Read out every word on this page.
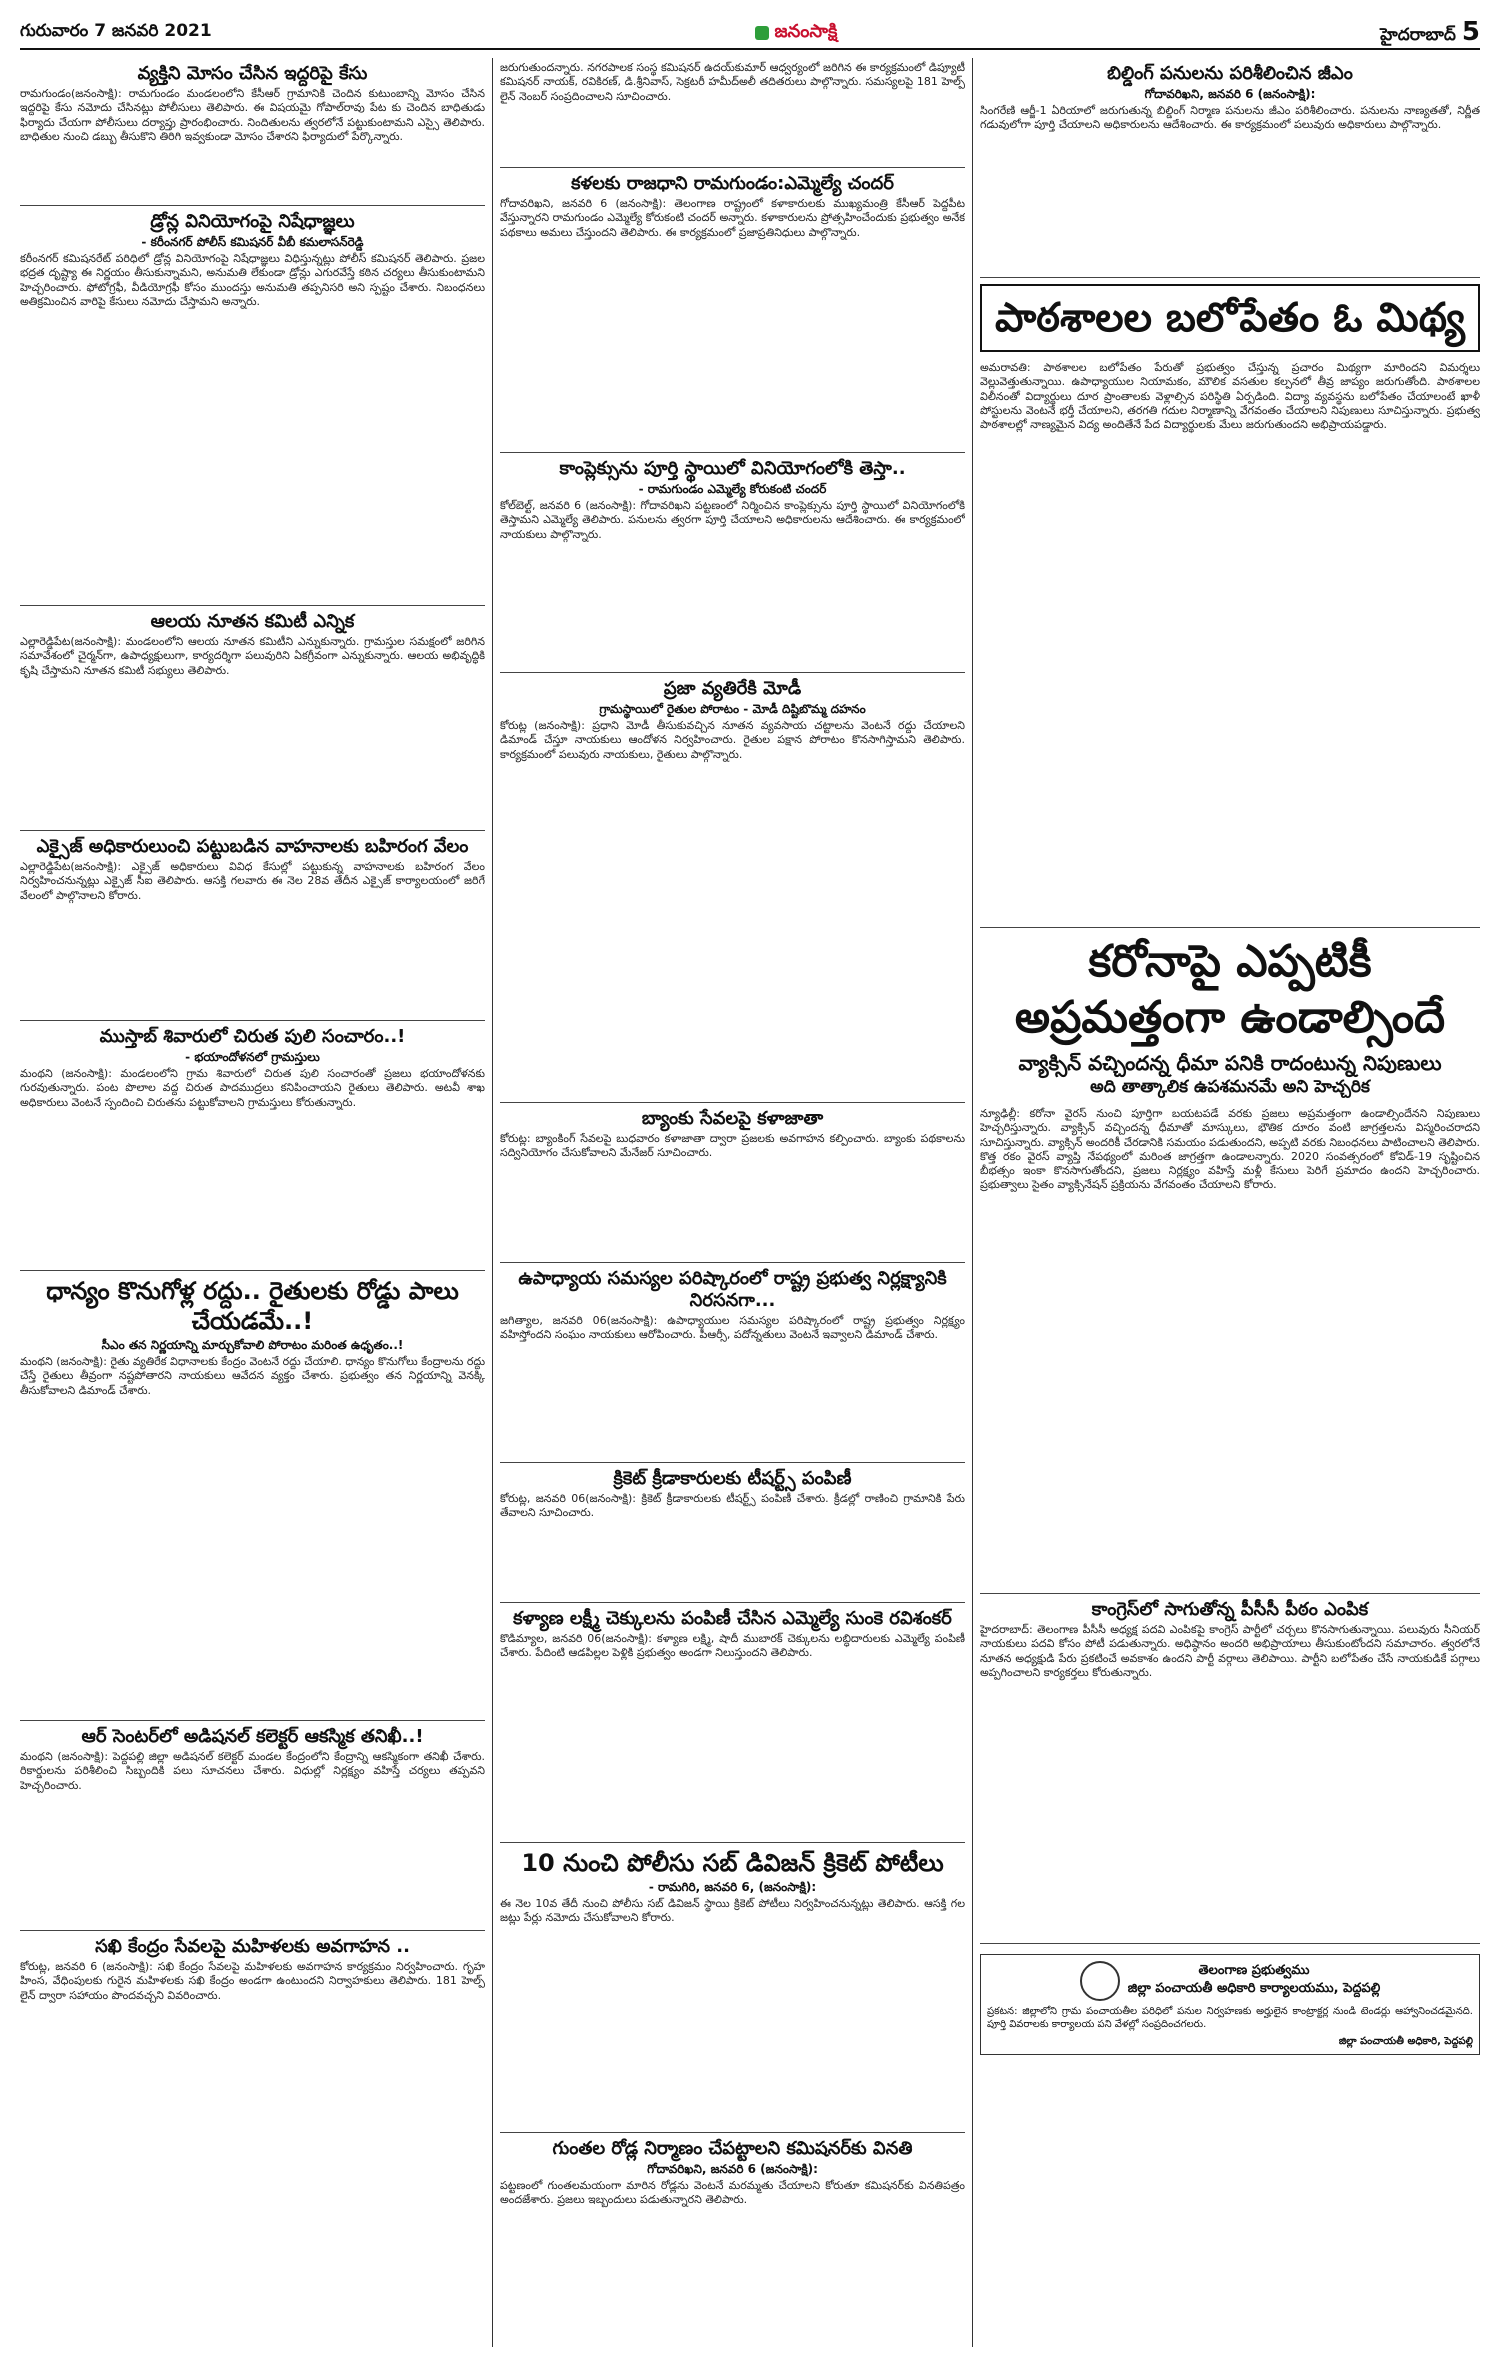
గురువారం 7 జనవరి 2021	జనంసాక్షి	హైదరాబాద్ 5
వ్యక్తిని మోసం చేసిన ఇద్దరిపై కేసు
రామగుండం(జనంసాక్షి): రామగుండం మండలంలోని కేసీఆర్ గ్రామానికి చెందిన కుటుంబాన్ని మోసం చేసిన ఇద్దరిపై కేసు నమోదు చేసినట్లు పోలీసులు తెలిపారు. ఈ విషయమై గోపాల్‌రావు పేట కు చెందిన బాధితుడు ఫిర్యాదు చేయగా పోలీసులు దర్యాప్తు ప్రారంభించారు. నిందితులను త్వరలోనే పట్టుకుంటామని ఎస్సై తెలిపారు. బాధితుల నుంచి డబ్బు తీసుకొని తిరిగి ఇవ్వకుండా మోసం చేశారని ఫిర్యాదులో పేర్కొన్నారు.
డ్రోన్ల వినియోగంపై నిషేధాజ్ఞలు
- కరీంనగర్ పోలీస్ కమిషనర్ వీబీ కమలాసన్‌రెడ్డి
కరీంనగర్ కమిషనరేట్ పరిధిలో డ్రోన్ల వినియోగంపై నిషేధాజ్ఞలు విధిస్తున్నట్లు పోలీస్ కమిషనర్ తెలిపారు. ప్రజల భద్రత దృష్ట్యా ఈ నిర్ణయం తీసుకున్నామని, అనుమతి లేకుండా డ్రోన్లు ఎగురవేస్తే కఠిన చర్యలు తీసుకుంటామని హెచ్చరించారు. ఫోటోగ్రఫీ, వీడియోగ్రఫీ కోసం ముందస్తు అనుమతి తప్పనిసరి అని స్పష్టం చేశారు. నిబంధనలు అతిక్రమించిన వారిపై కేసులు నమోదు చేస్తామని అన్నారు.
ఆలయ నూతన కమిటీ ఎన్నిక
ఎల్లారెడ్డిపేట(జనంసాక్షి): మండలంలోని ఆలయ నూతన కమిటీని ఎన్నుకున్నారు. గ్రామస్తుల సమక్షంలో జరిగిన సమావేశంలో చైర్మన్‌గా, ఉపాధ్యక్షులుగా, కార్యదర్శిగా పలువురిని ఏకగ్రీవంగా ఎన్నుకున్నారు. ఆలయ అభివృద్ధికి కృషి చేస్తామని నూతన కమిటీ సభ్యులు తెలిపారు.
ఎక్సైజ్ అధికారులుంచి పట్టుబడిన వాహనాలకు బహిరంగ వేలం
ఎల్లారెడ్డిపేట(జనంసాక్షి): ఎక్సైజ్ అధికారులు వివిధ కేసుల్లో పట్టుకున్న వాహనాలకు బహిరంగ వేలం నిర్వహించనున్నట్లు ఎక్సైజ్ సీఐ తెలిపారు. ఆసక్తి గలవారు ఈ నెల 28వ తేదీన ఎక్సైజ్ కార్యాలయంలో జరిగే వేలంలో పాల్గొనాలని కోరారు.
ముస్తాబ్ శివారులో చిరుత పులి సంచారం..!
- భయాందోళనలో గ్రామస్తులు
మంథని (జనంసాక్షి): మండలంలోని గ్రామ శివారులో చిరుత పులి సంచారంతో ప్రజలు భయాందోళనకు గురవుతున్నారు. పంట పొలాల వద్ద చిరుత పాదముద్రలు కనిపించాయని రైతులు తెలిపారు. అటవీ శాఖ అధికారులు వెంటనే స్పందించి చిరుతను పట్టుకోవాలని గ్రామస్తులు కోరుతున్నారు.
ధాన్యం కొనుగోళ్ల రద్దు.. రైతులకు రోడ్డు పాలు చేయడమే..!
సీఎం తన నిర్ణయాన్ని మార్చుకోవాలి పోరాటం మరింత ఉధృతం..!
మంథని (జనంసాక్షి): రైతు వ్యతిరేక విధానాలకు కేంద్రం వెంటనే రద్దు చేయాలి. ధాన్యం కొనుగోలు కేంద్రాలను రద్దు చేస్తే రైతులు తీవ్రంగా నష్టపోతారని నాయకులు ఆవేదన వ్యక్తం చేశారు. ప్రభుత్వం తన నిర్ణయాన్ని వెనక్కి తీసుకోవాలని డిమాండ్ చేశారు.
ఆర్ సెంటర్‌లో అడిషనల్ కలెక్టర్ ఆకస్మిక తనిఖీ..!
మంథని (జనంసాక్షి): పెద్దపల్లి జిల్లా అడిషనల్ కలెక్టర్ మండల కేంద్రంలోని కేంద్రాన్ని ఆకస్మికంగా తనిఖీ చేశారు. రికార్డులను పరిశీలించి సిబ్బందికి పలు సూచనలు చేశారు. విధుల్లో నిర్లక్ష్యం వహిస్తే చర్యలు తప్పవని హెచ్చరించారు.
సఖి కేంద్రం సేవలపై మహిళలకు అవగాహన ..
కోరుట్ల, జనవరి 6 (జనంసాక్షి): సఖి కేంద్రం సేవలపై మహిళలకు అవగాహన కార్యక్రమం నిర్వహించారు. గృహ హింస, వేధింపులకు గురైన మహిళలకు సఖి కేంద్రం అండగా ఉంటుందని నిర్వాహకులు తెలిపారు. 181 హెల్ప్ లైన్ ద్వారా సహాయం పొందవచ్చని వివరించారు.
జరుగుతుందన్నారు. నగరపాలక సంస్థ కమిషనర్ ఉదయ్‌కుమార్ ఆధ్వర్యంలో జరిగిన ఈ కార్యక్రమంలో డిప్యూటీ కమిషనర్ నాయక్, రవికిరణ్, డి.శ్రీనివాస్, సెక్రటరీ హమీద్‌అలీ తదితరులు పాల్గొన్నారు. సమస్యలపై 181 హెల్ప్ లైన్ నెంబర్ సంప్రదించాలని సూచించారు.
కళలకు రాజధాని రామగుండం:ఎమ్మెల్యే చందర్
గోదావరిఖని, జనవరి 6 (జనంసాక్షి): తెలంగాణ రాష్ట్రంలో కళాకారులకు ముఖ్యమంత్రి కేసీఆర్ పెద్దపీట వేస్తున్నారని రామగుండం ఎమ్మెల్యే కోరుకంటి చందర్ అన్నారు. కళాకారులను ప్రోత్సహించేందుకు ప్రభుత్వం అనేక పథకాలు అమలు చేస్తుందని తెలిపారు. ఈ కార్యక్రమంలో ప్రజాప్రతినిధులు పాల్గొన్నారు.
కాంప్లెక్సును పూర్తి స్థాయిలో వినియోగంలోకి తెస్తా..
- రామగుండం ఎమ్మెల్యే కోరుకంటి చందర్
కోల్‌బెల్ట్, జనవరి 6 (జనంసాక్షి): గోదావరిఖని పట్టణంలో నిర్మించిన కాంప్లెక్సును పూర్తి స్థాయిలో వినియోగంలోకి తెస్తామని ఎమ్మెల్యే తెలిపారు. పనులను త్వరగా పూర్తి చేయాలని అధికారులను ఆదేశించారు. ఈ కార్యక్రమంలో నాయకులు పాల్గొన్నారు.
ప్రజా వ్యతిరేకి మోడీ
గ్రామస్థాయిలో రైతుల పోరాటం - మోడీ దిష్టిబొమ్మ దహనం
కోరుట్ల (జనంసాక్షి): ప్రధాని మోడీ తీసుకువచ్చిన నూతన వ్యవసాయ చట్టాలను వెంటనే రద్దు చేయాలని డిమాండ్ చేస్తూ నాయకులు ఆందోళన నిర్వహించారు. రైతుల పక్షాన పోరాటం కొనసాగిస్తామని తెలిపారు. కార్యక్రమంలో పలువురు నాయకులు, రైతులు పాల్గొన్నారు.
బ్యాంకు సేవలపై కళాజాతా
కోరుట్ల: బ్యాంకింగ్ సేవలపై బుధవారం కళాజాతా ద్వారా ప్రజలకు అవగాహన కల్పించారు. బ్యాంకు పథకాలను సద్వినియోగం చేసుకోవాలని మేనేజర్ సూచించారు.
ఉపాధ్యాయ సమస్యల పరిష్కారంలో రాష్ట్ర ప్రభుత్వ నిర్లక్ష్యానికి నిరసనగా...
జగిత్యాల, జనవరి 06(జనంసాక్షి): ఉపాధ్యాయుల సమస్యల పరిష్కారంలో రాష్ట్ర ప్రభుత్వం నిర్లక్ష్యం వహిస్తోందని సంఘం నాయకులు ఆరోపించారు. పీఆర్సీ, పదోన్నతులు వెంటనే ఇవ్వాలని డిమాండ్ చేశారు.
క్రికెట్ క్రీడాకారులకు టీషర్ట్స్ పంపిణీ
కోరుట్ల, జనవరి 06(జనంసాక్షి): క్రికెట్ క్రీడాకారులకు టీషర్ట్స్ పంపిణీ చేశారు. క్రీడల్లో రాణించి గ్రామానికి పేరు తేవాలని సూచించారు.
కళ్యాణ లక్ష్మీ చెక్కులను పంపిణీ చేసిన ఎమ్మెల్యే సుంకె రవిశంకర్
కొడిమ్యాల, జనవరి 06(జనంసాక్షి): కళ్యాణ లక్ష్మి, షాదీ ముబారక్ చెక్కులను లబ్ధిదారులకు ఎమ్మెల్యే పంపిణీ చేశారు. పేదింటి ఆడపిల్లల పెళ్లికి ప్రభుత్వం అండగా నిలుస్తుందని తెలిపారు.
10 నుంచి పోలీసు సబ్ డివిజన్ క్రికెట్ పోటీలు
- రామగిరి, జనవరి 6, (జనంసాక్షి):
ఈ నెల 10వ తేదీ నుంచి పోలీసు సబ్ డివిజన్ స్థాయి క్రికెట్ పోటీలు నిర్వహించనున్నట్లు తెలిపారు. ఆసక్తి గల జట్లు పేర్లు నమోదు చేసుకోవాలని కోరారు.
గుంతల రోడ్ల నిర్మాణం చేపట్టాలని కమిషనర్‌కు వినతి
గోదావరిఖని, జనవరి 6 (జనంసాక్షి):
పట్టణంలో గుంతలమయంగా మారిన రోడ్లను వెంటనే మరమ్మతు చేయాలని కోరుతూ కమిషనర్‌కు వినతిపత్రం అందజేశారు. ప్రజలు ఇబ్బందులు పడుతున్నారని తెలిపారు.
బిల్డింగ్ పనులను పరిశీలించిన జీఎం
గోదావరిఖని, జనవరి 6 (జనంసాక్షి):
సింగరేణి ఆర్జీ-1 ఏరియాలో జరుగుతున్న బిల్డింగ్ నిర్మాణ పనులను జీఎం పరిశీలించారు. పనులను నాణ్యతతో, నిర్ణీత గడువులోగా పూర్తి చేయాలని అధికారులను ఆదేశించారు. ఈ కార్యక్రమంలో పలువురు అధికారులు పాల్గొన్నారు.
పాఠశాలల బలోపేతం ఓ మిథ్య
అమరావతి: పాఠశాలల బలోపేతం పేరుతో ప్రభుత్వం చేస్తున్న ప్రచారం మిథ్యగా మారిందని విమర్శలు వెల్లువెత్తుతున్నాయి. ఉపాధ్యాయుల నియామకం, మౌలిక వసతుల కల్పనలో తీవ్ర జాప్యం జరుగుతోంది. పాఠశాలల విలీనంతో విద్యార్థులు దూర ప్రాంతాలకు వెళ్లాల్సిన పరిస్థితి ఏర్పడింది. విద్యా వ్యవస్థను బలోపేతం చేయాలంటే ఖాళీ పోస్టులను వెంటనే భర్తీ చేయాలని, తరగతి గదుల నిర్మాణాన్ని వేగవంతం చేయాలని నిపుణులు సూచిస్తున్నారు. ప్రభుత్వ పాఠశాలల్లో నాణ్యమైన విద్య అందితేనే పేద విద్యార్థులకు మేలు జరుగుతుందని అభిప్రాయపడ్డారు.
కరోనాపై ఎప్పటికీ
అప్రమత్తంగా ఉండాల్సిందే
వ్యాక్సిన్ వచ్చిందన్న ధీమా పనికి రాదంటున్న నిపుణులు
అది తాత్కాలిక ఉపశమనమే అని హెచ్చరిక
న్యూఢిల్లీ: కరోనా వైరస్ నుంచి పూర్తిగా బయటపడే వరకు ప్రజలు అప్రమత్తంగా ఉండాల్సిందేనని నిపుణులు హెచ్చరిస్తున్నారు. వ్యాక్సిన్ వచ్చిందన్న ధీమాతో మాస్కులు, భౌతిక దూరం వంటి జాగ్రత్తలను విస్మరించరాదని సూచిస్తున్నారు. వ్యాక్సిన్ అందరికీ చేరడానికి సమయం పడుతుందని, అప్పటి వరకు నిబంధనలు పాటించాలని తెలిపారు. కొత్త రకం వైరస్ వ్యాప్తి నేపథ్యంలో మరింత జాగ్రత్తగా ఉండాలన్నారు. 2020 సంవత్సరంలో కోవిడ్-19 సృష్టించిన బీభత్సం ఇంకా కొనసాగుతోందని, ప్రజలు నిర్లక్ష్యం వహిస్తే మళ్లీ కేసులు పెరిగే ప్రమాదం ఉందని హెచ్చరించారు. ప్రభుత్వాలు సైతం వ్యాక్సినేషన్ ప్రక్రియను వేగవంతం చేయాలని కోరారు.
కాంగ్రెస్‌లో సాగుతోన్న పీసీసీ పీఠం ఎంపిక
హైదరాబాద్: తెలంగాణ పీసీసీ అధ్యక్ష పదవి ఎంపికపై కాంగ్రెస్ పార్టీలో చర్చలు కొనసాగుతున్నాయి. పలువురు సీనియర్ నాయకులు పదవి కోసం పోటీ పడుతున్నారు. అధిష్ఠానం అందరి అభిప్రాయాలు తీసుకుంటోందని సమాచారం. త్వరలోనే నూతన అధ్యక్షుడి పేరు ప్రకటించే అవకాశం ఉందని పార్టీ వర్గాలు తెలిపాయి. పార్టీని బలోపేతం చేసే నాయకుడికే పగ్గాలు అప్పగించాలని కార్యకర్తలు కోరుతున్నారు.
తెలంగాణ ప్రభుత్వము
జిల్లా పంచాయతీ అధికారి కార్యాలయము, పెద్దపల్లి
ప్రకటన: జిల్లాలోని గ్రామ పంచాయతీల పరిధిలో పనుల నిర్వహణకు అర్హులైన కాంట్రాక్టర్ల నుండి టెండర్లు ఆహ్వానించడమైనది. పూర్తి వివరాలకు కార్యాలయ పని వేళల్లో సంప్రదించగలరు.
జిల్లా పంచాయతీ అధికారి, పెద్దపల్లి
